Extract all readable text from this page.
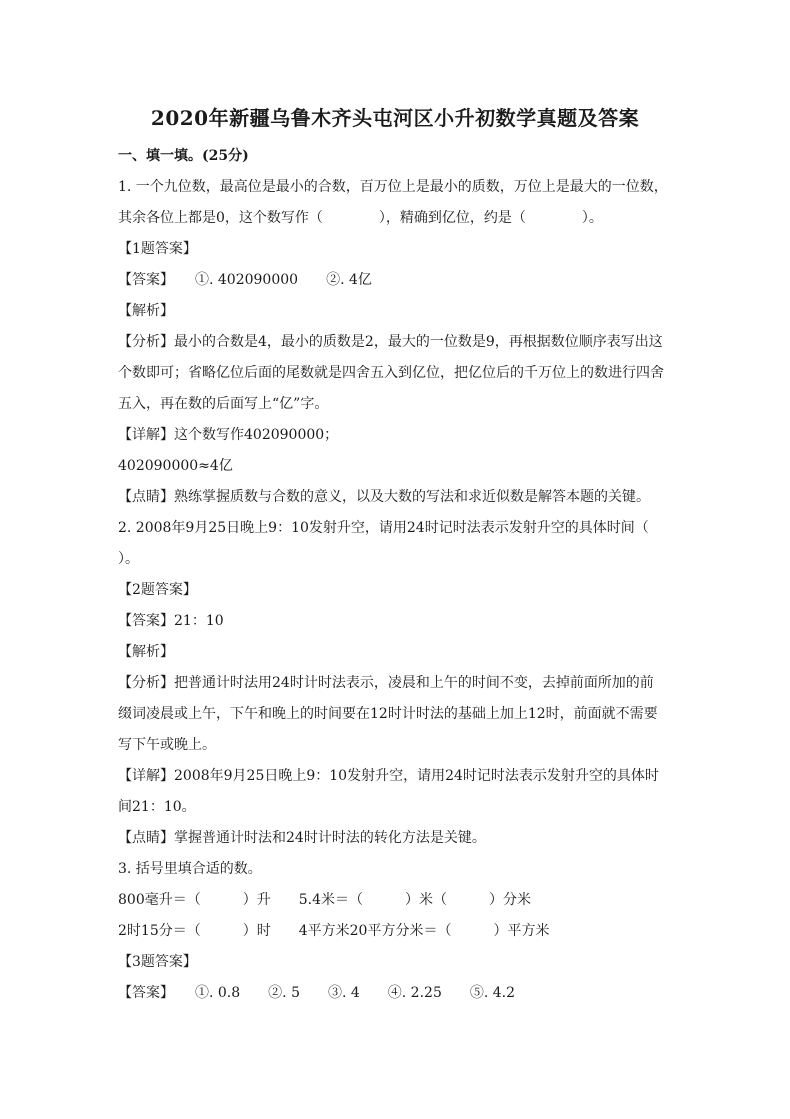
2020年新疆乌鲁木齐头屯河区小升初数学真题及答案
一、填一填。(25分)
1. 一个九位数，最高位是最小的合数，百万位上是最小的质数，万位上是最大的一位数，
其余各位上都是0，这个数写作（　　　　），精确到亿位，约是（　　　　）。
【1题答案】
【答案】　　①. 402090000　　②. 4亿
【解析】
【分析】最小的合数是4，最小的质数是2，最大的一位数是9，再根据数位顺序表写出这
个数即可；省略亿位后面的尾数就是四舍五入到亿位，把亿位后的千万位上的数进行四舍
五入，再在数的后面写上“亿”字。
【详解】这个数写作402090000；
402090000≈4亿
【点睛】熟练掌握质数与合数的意义，以及大数的写法和求近似数是解答本题的关键。
2. 2008年9月25日晚上9：10发射升空，请用24时记时法表示发射升空的具体时间（
）。
【2题答案】
【答案】21：10
【解析】
【分析】把普通计时法用24时计时法表示，凌晨和上午的时间不变，去掉前面所加的前
缀词凌晨或上午，下午和晚上的时间要在12时计时法的基础上加上12时，前面就不需要
写下午或晚上。
【详解】2008年9月25日晚上9：10发射升空，请用24时记时法表示发射升空的具体时
间21：10。
【点睛】掌握普通计时法和24时计时法的转化方法是关键。
3. 括号里填合适的数。
800毫升＝（　　　）升　　5.4米＝（　　　）米（　　　）分米
2时15分＝（　　　）时　　4平方米20平方分米＝（　　　）平方米
【3题答案】
【答案】　　①. 0.8　　②. 5　　③. 4　　④. 2.25　　⑤. 4.2
